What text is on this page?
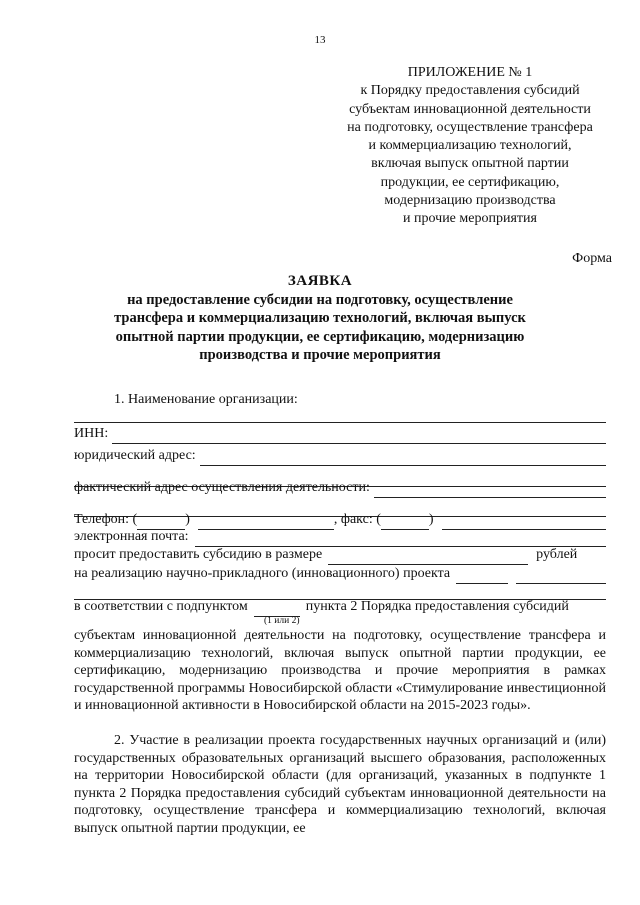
13
ПРИЛОЖЕНИЕ № 1
к Порядку предоставления субсидий
субъектам инновационной деятельности
на подготовку, осуществление трансфера
и коммерциализацию технологий,
включая выпуск опытной партии
продукции, ее сертификацию,
модернизацию производства
и прочие мероприятия
Форма
ЗАЯВКА
на предоставление субсидии на подготовку, осуществление
трансфера и коммерциализацию технологий, включая выпуск
опытной партии продукции, ее сертификацию, модернизацию
производства и прочие мероприятия
1. Наименование организации:
ИНН:
юридический адрес:
фактический адрес осуществления деятельности:
Телефон: (	)	, факс: (	)
электронная почта:
просит предоставить субсидию в размере	рублей
на реализацию научно-прикладного (инновационного) проекта
в соответствии с подпунктом	пункта 2 Порядка предоставления субсидий
(1 или 2)

субъектам инновационной деятельности на подготовку, осуществление трансфера и коммерциализацию технологий, включая выпуск опытной партии продукции, ее сертификацию, модернизацию производства и прочие мероприятия в рамках государственной программы Новосибирской области «Стимулирование инвестиционной и инновационной активности в Новосибирской области на 2015-2023 годы».

2. Участие в реализации проекта государственных научных организаций и (или) государственных образовательных организаций высшего образования, расположенных на территории Новосибирской области (для организаций, указанных в подпункте 1 пункта 2 Порядка предоставления субсидий субъектам инновационной деятельности на подготовку, осуществление трансфера и коммерциализацию технологий, включая выпуск опытной партии продукции, ее
